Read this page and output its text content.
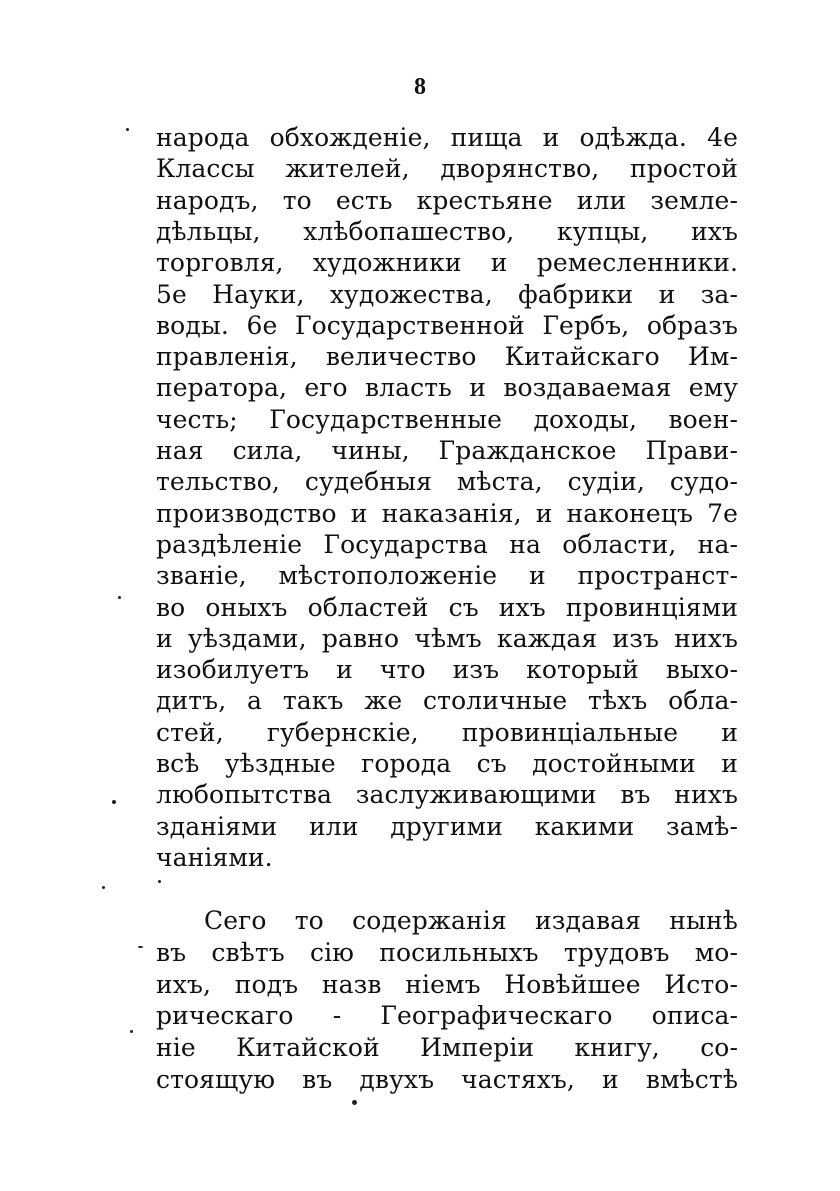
8
народа обхожденіе, пища и одѣжда. 4е
Классы жителей, дворянство, простой
народъ, то есть крестьяне или земле-
дѣльцы, хлѣбопашество, купцы, ихъ
торговля, художники и ремесленники.
5е Науки, художества, фабрики и за-
воды. 6е Государственной Гербъ, образъ
правленія, величество Китайскаго Им-
ператора, его власть и воздаваемая ему
честь; Государственные доходы, воен-
ная сила, чины, Гражданское Прави-
тельство, судебныя мѣста, судіи, судо-
производство и наказанія, и наконецъ 7е
раздѣленіе Государства на области, на-
званіе, мѣстоположеніе и пространст-
во оныхъ областей съ ихъ провинціями
и уѣздами, равно чѣмъ каждая изъ нихъ
изобилуетъ и что изъ который выхо-
дитъ, а такъ же столичные тѣхъ обла-
стей, губернскіе, провинціальные и
всѣ уѣздные города съ достойными и
любопытства заслуживающими въ нихъ
зданіями или другими какими замѣ-
чаніями.
Сего то содержанія издавая нынѣ
въ свѣтъ сію посильныхъ трудовъ мо-
ихъ, подъ назв ніемъ Новѣйшее Исто-
рическаго - Географическаго описа-
ніе Китайской Имперіи книгу, со-
стоящую въ двухъ частяхъ, и вмѣстѣ
